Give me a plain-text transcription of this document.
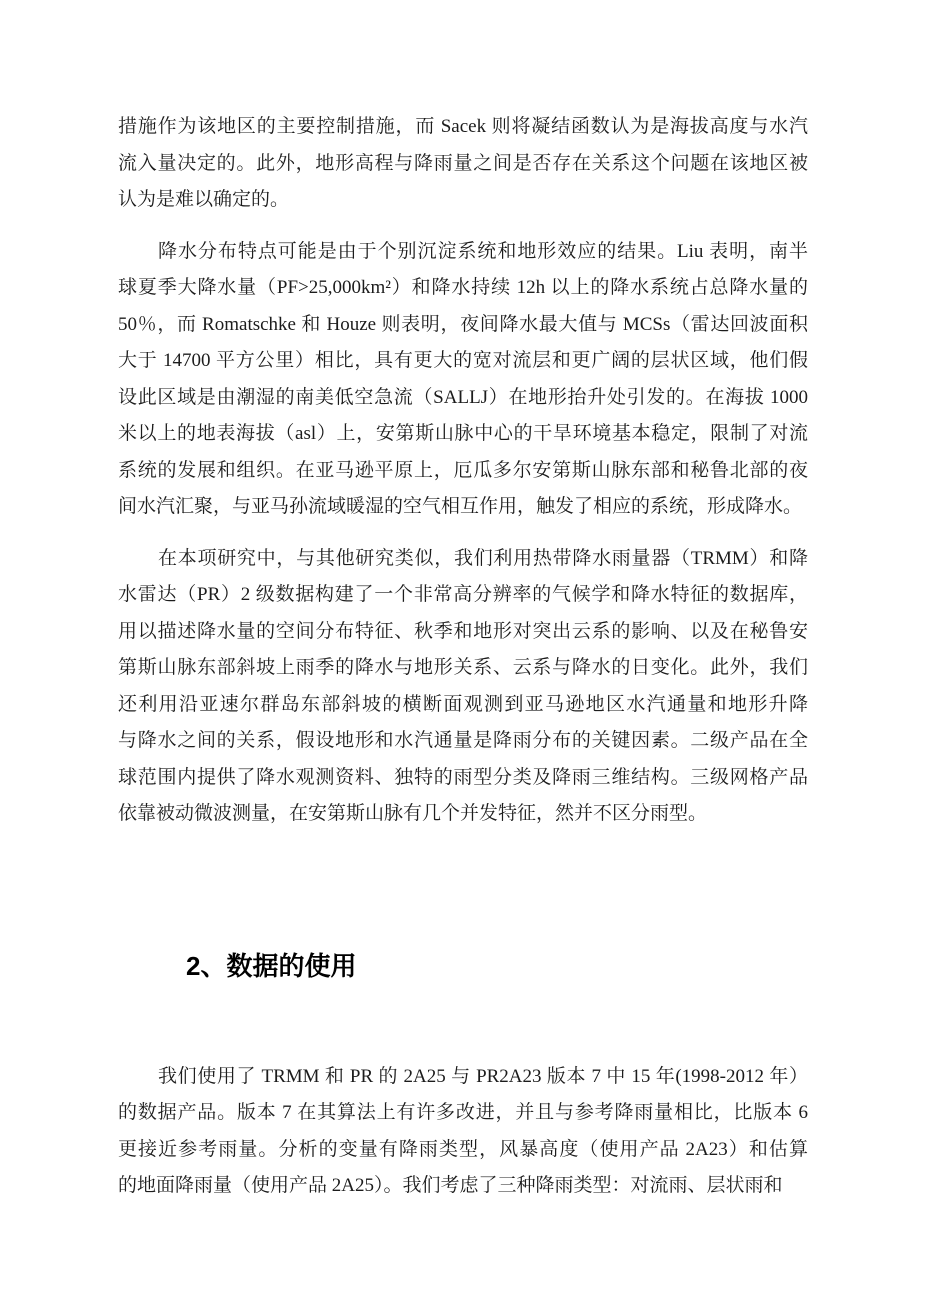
措施作为该地区的主要控制措施，而 Sacek 则将凝结函数认为是海拔高度与水汽
流入量决定的。此外，地形高程与降雨量之间是否存在关系这个问题在该地区被
认为是难以确定的。
降水分布特点可能是由于个别沉淀系统和地形效应的结果。Liu 表明，南半
球夏季大降水量（PF>25,000km²）和降水持续 12h 以上的降水系统占总降水量的
50％，而 Romatschke 和 Houze 则表明，夜间降水最大值与 MCSs（雷达回波面积
大于 14700 平方公里）相比，具有更大的宽对流层和更广阔的层状区域，他们假
设此区域是由潮湿的南美低空急流（SALLJ）在地形抬升处引发的。在海拔 1000
米以上的地表海拔（asl）上，安第斯山脉中心的干旱环境基本稳定，限制了对流
系统的发展和组织。在亚马逊平原上，厄瓜多尔安第斯山脉东部和秘鲁北部的夜
间水汽汇聚，与亚马孙流域暖湿的空气相互作用，触发了相应的系统，形成降水。
在本项研究中，与其他研究类似，我们利用热带降水雨量器（TRMM）和降
水雷达（PR）2 级数据构建了一个非常高分辨率的气候学和降水特征的数据库，
用以描述降水量的空间分布特征、秋季和地形对突出云系的影响、以及在秘鲁安
第斯山脉东部斜坡上雨季的降水与地形关系、云系与降水的日变化。此外，我们
还利用沿亚速尔群岛东部斜坡的横断面观测到亚马逊地区水汽通量和地形升降
与降水之间的关系，假设地形和水汽通量是降雨分布的关键因素。二级产品在全
球范围内提供了降水观测资料、独特的雨型分类及降雨三维结构。三级网格产品
依靠被动微波测量，在安第斯山脉有几个并发特征，然并不区分雨型。
2、数据的使用
我们使用了 TRMM 和 PR 的 2A25 与 PR2A23 版本 7 中 15 年(1998-2012 年）
的数据产品。版本 7 在其算法上有许多改进，并且与参考降雨量相比，比版本 6
更接近参考雨量。分析的变量有降雨类型，风暴高度（使用产品 2A23）和估算
的地面降雨量（使用产品 2A25）。我们考虑了三种降雨类型：对流雨、层状雨和
